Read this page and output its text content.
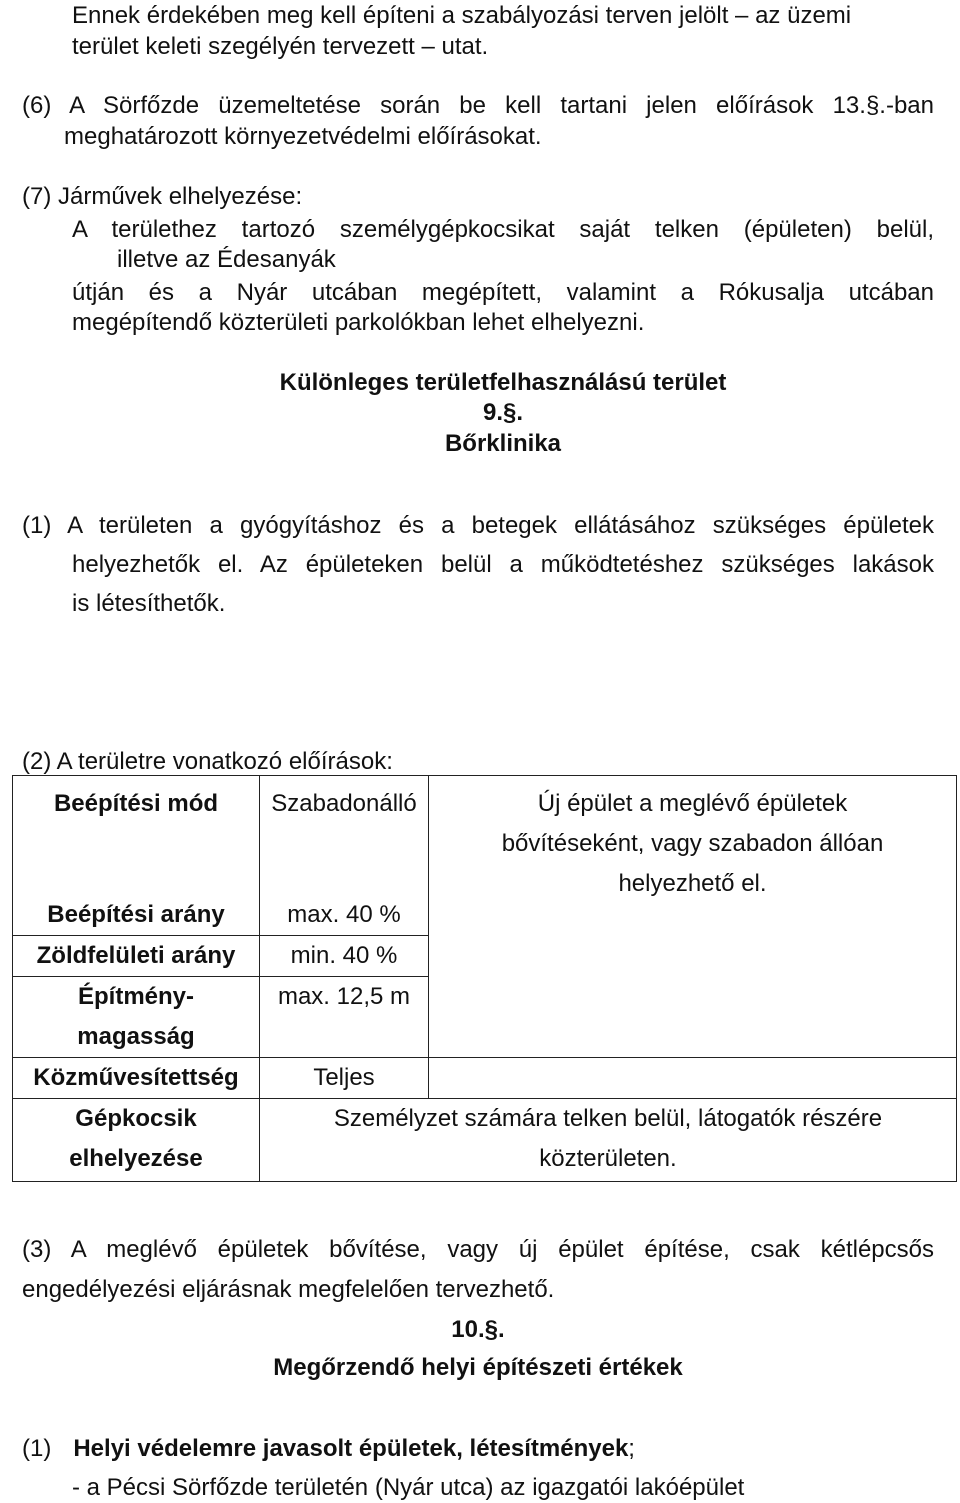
Ennek érdekében meg kell építeni a szabályozási terven jelölt – az üzemi
terület keleti szegélyén tervezett – utat.
(6) A Sörfőzde üzemeltetése során be kell tartani jelen előírások 13.§.-ban
meghatározott környezetvédelmi előírásokat.
(7) Járművek elhelyezése:
A területhez tartozó személygépkocsikat saját telken (épületen) belül,
illetve az Édesanyák
útján és a Nyár utcában megépített, valamint a Rókusalja utcában
megépítendő közterületi parkolókban lehet elhelyezni.
Különleges területfelhasználású terület
9.§.
Bőrklinika
(1) A területen a gyógyításhoz és a betegek ellátásához szükséges épületek
helyezhetők el. Az épületeken belül a működtetéshez szükséges lakások
is létesíthetők.
(2) A területre vonatkozó előírások:
Beépítési mód	Szabadonálló	Új épület a meglévő épületek bővítéseként, vagy szabadon állóan helyezhető el.
Beépítési arány	max. 40 %	
Zöldfelületi arány	min. 40 %	
Építmény-magasság	max. 12,5 m	
Közművesítettség	Teljes	
Gépkocsik elhelyezése	Személyzet számára telken belül, látogatók részére közterületen.	
(3) A meglévő épületek bővítése, vagy új épület építése, csak kétlépcsős
engedélyezési eljárásnak megfelelően tervezhető.
10.§.
Megőrzendő helyi építészeti értékek
(1) Helyi védelemre javasolt épületek, létesítmények;
- a Pécsi Sörfőzde területén (Nyár utca) az igazgatói lakóépület
